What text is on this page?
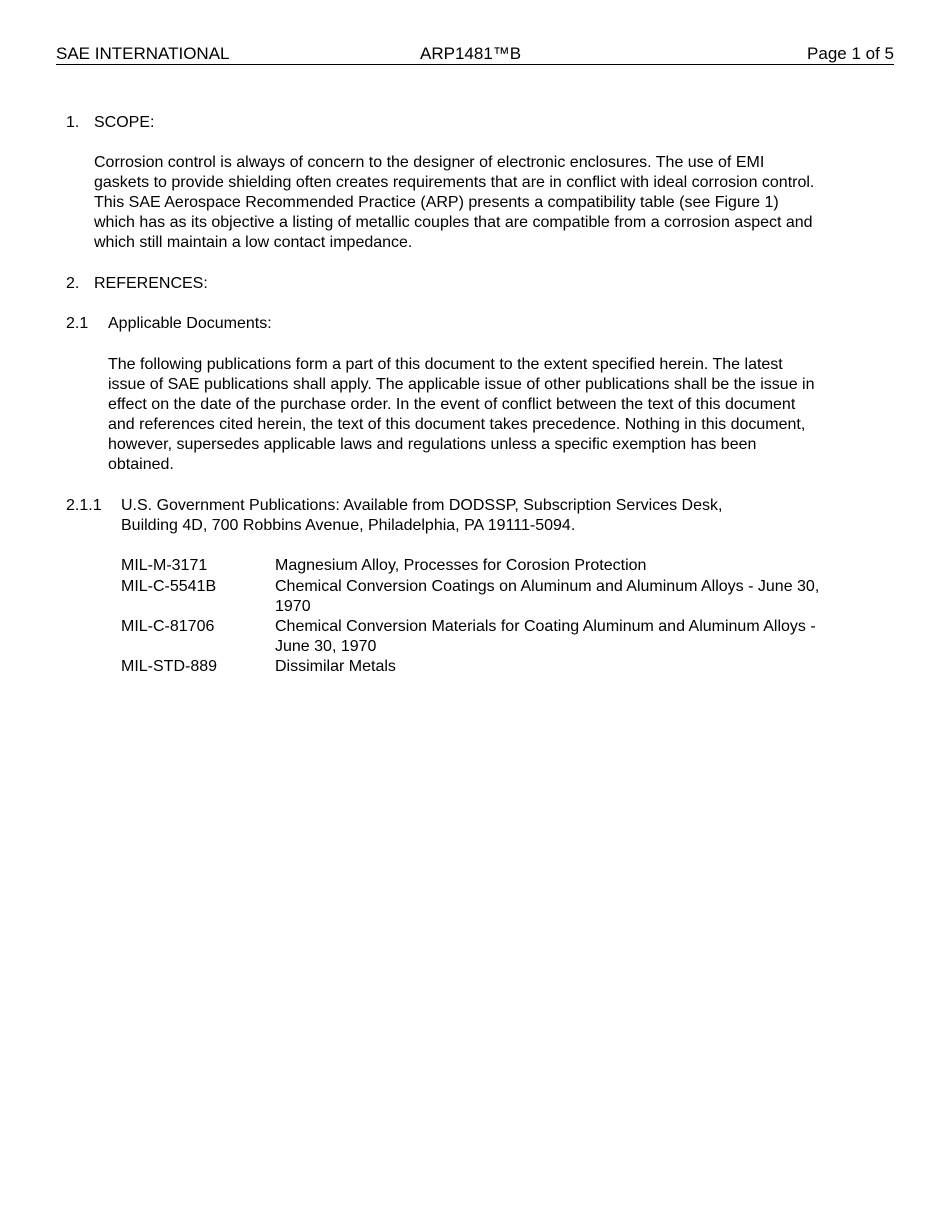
SAE INTERNATIONAL	ARP1481™B	Page 1 of 5
1. SCOPE:
Corrosion control is always of concern to the designer of electronic enclosures. The use of EMI
gaskets to provide shielding often creates requirements that are in conflict with ideal corrosion control.
This SAE Aerospace Recommended Practice (ARP) presents a compatibility table (see Figure 1)
which has as its objective a listing of metallic couples that are compatible from a corrosion aspect and
which still maintain a low contact impedance.
2. REFERENCES:
2.1 Applicable Documents:
The following publications form a part of this document to the extent specified herein. The latest
issue of SAE publications shall apply. The applicable issue of other publications shall be the issue in
effect on the date of the purchase order. In the event of conflict between the text of this document
and references cited herein, the text of this document takes precedence. Nothing in this document,
however, supersedes applicable laws and regulations unless a specific exemption has been
obtained.
2.1.1 U.S. Government Publications: Available from DODSSP, Subscription Services Desk,
Building 4D, 700 Robbins Avenue, Philadelphia, PA 19111-5094.
MIL-M-3171	Magnesium Alloy, Processes for Corosion Protection
MIL-C-5541B	Chemical Conversion Coatings on Aluminum and Aluminum Alloys - June 30,
1970
MIL-C-81706	Chemical Conversion Materials for Coating Aluminum and Aluminum Alloys -
June 30, 1970
MIL-STD-889	Dissimilar Metals
